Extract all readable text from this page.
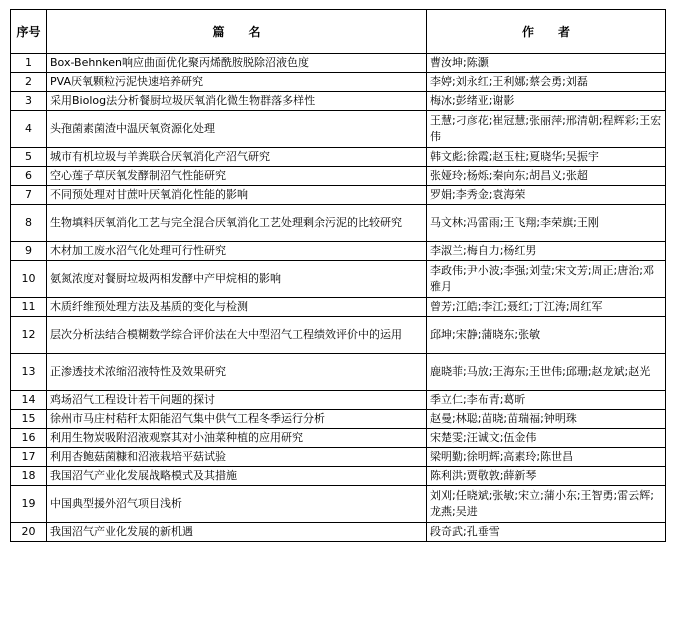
序号	篇　　名	作　　者
1	Box-Behnken响应曲面优化聚丙烯酰胺脱除沼液色度	曹汝坤;陈灏
2	PVA厌氧颗粒污泥快速培养研究	李婷;刘永红;王利娜;蔡会勇;刘磊
3	采用Biolog法分析餐厨垃圾厌氧消化微生物群落多样性	梅冰;彭绪亚;谢影
4	头孢菌素菌渣中温厌氧资源化处理	王慧;刁彦花;崔冠慧;张丽萍;邢清朝;程辉彩;王宏伟
5	城市有机垃圾与羊粪联合厌氧消化产沼气研究	韩文彪;徐霞;赵玉柱;夏晓华;吴振宇
6	空心莲子草厌氧发酵制沼气性能研究	张娅玲;杨烁;秦向东;胡昌义;张超
7	不同预处理对甘蔗叶厌氧消化性能的影响	罗娟;李秀金;袁海荣
8	生物填料厌氧消化工艺与完全混合厌氧消化工艺处理剩余污泥的比较研究	马文林;冯雷雨;王飞翔;李荣旗;王刚
9	木材加工废水沼气化处理可行性研究	李淑兰;梅自力;杨红男
10	氨氮浓度对餐厨垃圾两相发酵中产甲烷相的影响	李政伟;尹小波;李强;刘莹;宋文芳;周正;唐治;邓雅月
11	木质纤维预处理方法及基质的变化与检测	曾芳;江皓;李江;聂红;丁江涛;周红军
12	层次分析法结合模糊数学综合评价法在大中型沼气工程绩效评价中的运用	邱坤;宋静;蒲晓东;张敏
13	正渗透技术浓缩沼液特性及效果研究	鹿晓菲;马放;王海东;王世伟;邱珊;赵龙斌;赵光
14	鸡场沼气工程设计若干问题的探讨	季立仁;李布青;葛昕
15	徐州市马庄村秸秆太阳能沼气集中供气工程冬季运行分析	赵曼;林聪;苗晓;苗瑞福;钟明珠
16	利用生物炭吸附沼液观察其对小油菜种植的应用研究	宋楚雯;汪诚文;伍金伟
17	利用杏鲍菇菌糠和沼液栽培平菇试验	梁明勤;徐明辉;高素玲;陈世昌
18	我国沼气产业化发展战略模式及其措施	陈利洪;贾敬敦;薛新琴
19	中国典型援外沼气项目浅析	刘刈;任晓斌;张敏;宋立;蒲小东;王智勇;雷云辉;龙燕;吴进
20	我国沼气产业化发展的新机遇	段奇武;孔垂雪
